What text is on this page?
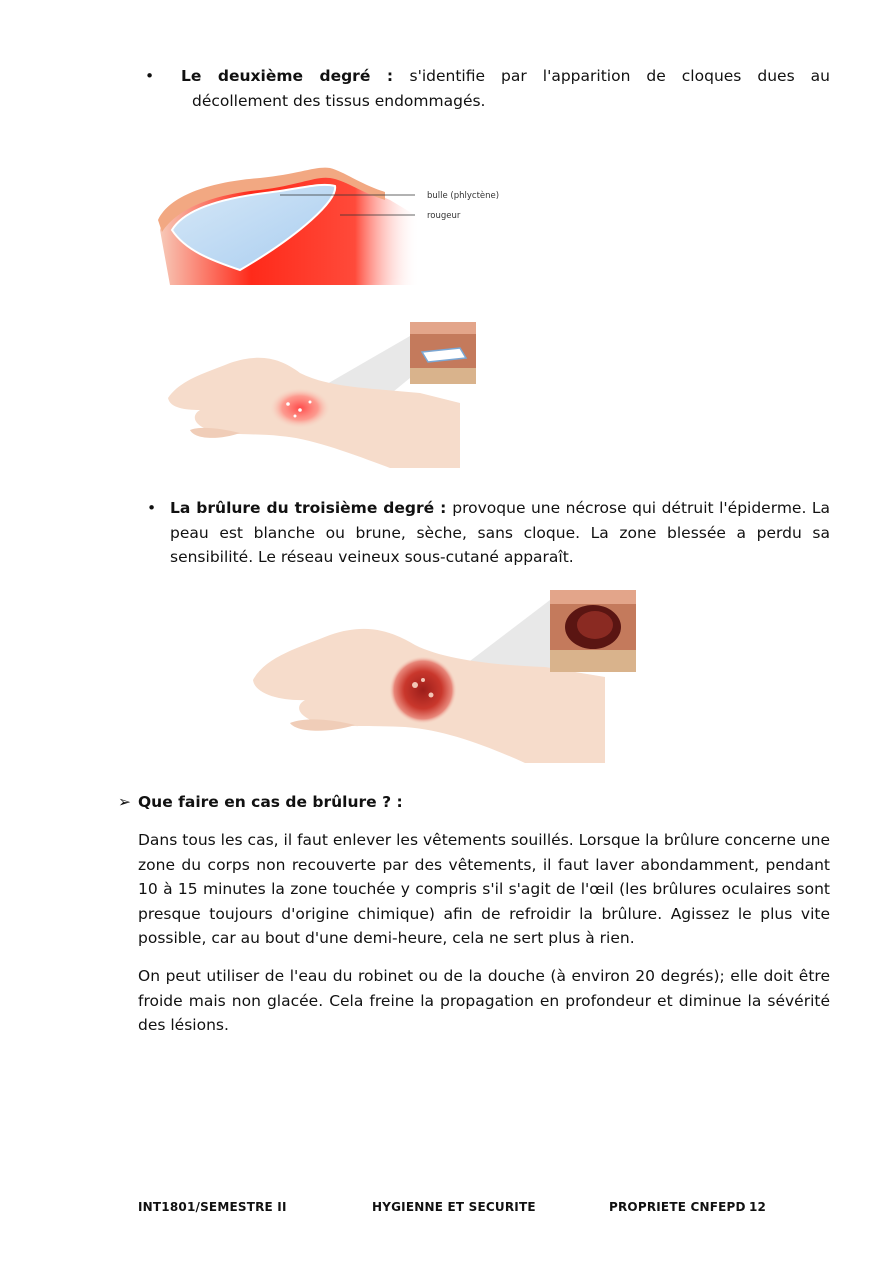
• Le deuxième degré : s'identifie par l'apparition de cloques dues au
décollement des tissus endommagés.
bulle (phlyctène)
rougeur
• La brûlure du troisième degré : provoque une nécrose qui détruit l'épiderme. La peau est blanche ou brune, sèche, sans cloque. La zone blessée a perdu sa sensibilité. Le réseau veineux sous-cutané apparaît.
➢ Que faire en cas de brûlure ? :

Dans tous les cas, il faut enlever les vêtements souillés. Lorsque la brûlure concerne une zone du corps non recouverte par des vêtements, il faut laver abondamment, pendant 10 à 15 minutes la zone touchée y compris s'il s'agit de l'œil (les brûlures oculaires sont presque toujours d'origine chimique) afin de refroidir la brûlure. Agissez le plus vite possible, car au bout d'une demi-heure, cela ne sert plus à rien.

On peut utiliser de l'eau du robinet ou de la douche (à environ 20 degrés); elle doit être froide mais non glacée. Cela freine la propagation en profondeur et diminue la sévérité des lésions.

INT1801/SEMESTRE II	HYGIENNE ET SECURITE	PROPRIETE CNFEPD 12
